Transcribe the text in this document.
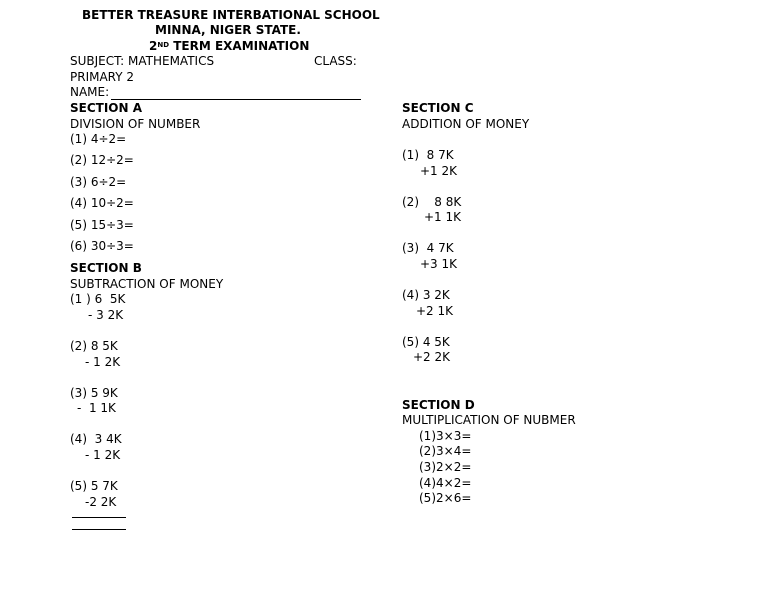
BETTER TREASURE INTERBATIONAL SCHOOL
MINNA, NIGER STATE.
2ND TERM EXAMINATION
SUBJECT: MATHEMATICS	CLASS:
PRIMARY 2
NAME:
SECTION A
DIVISION OF NUMBER
(1) 4÷2=
(2) 12÷2=
(3) 6÷2=
(4) 10÷2=
(5) 15÷3=
(6) 30÷3=
SECTION B
SUBTRACTION OF MONEY
(1 ) 6  5K
- 3 2K
(2) 8 5K
- 1 2K
(3) 5 9K
-  1 1K
(4)  3 4K
- 1 2K
(5) 5 7K
-2 2K
SECTION C
ADDITION OF MONEY
(1)  8 7K
+1 2K
(2)    8 8K
+1 1K
(3)  4 7K
+3 1K
(4) 3 2K
+2 1K
(5) 4 5K
+2 2K
SECTION D
MULTIPLICATION OF NUBMER
(1)3×3=
(2)3×4=
(3)2×2=
(4)4×2=
(5)2×6=
